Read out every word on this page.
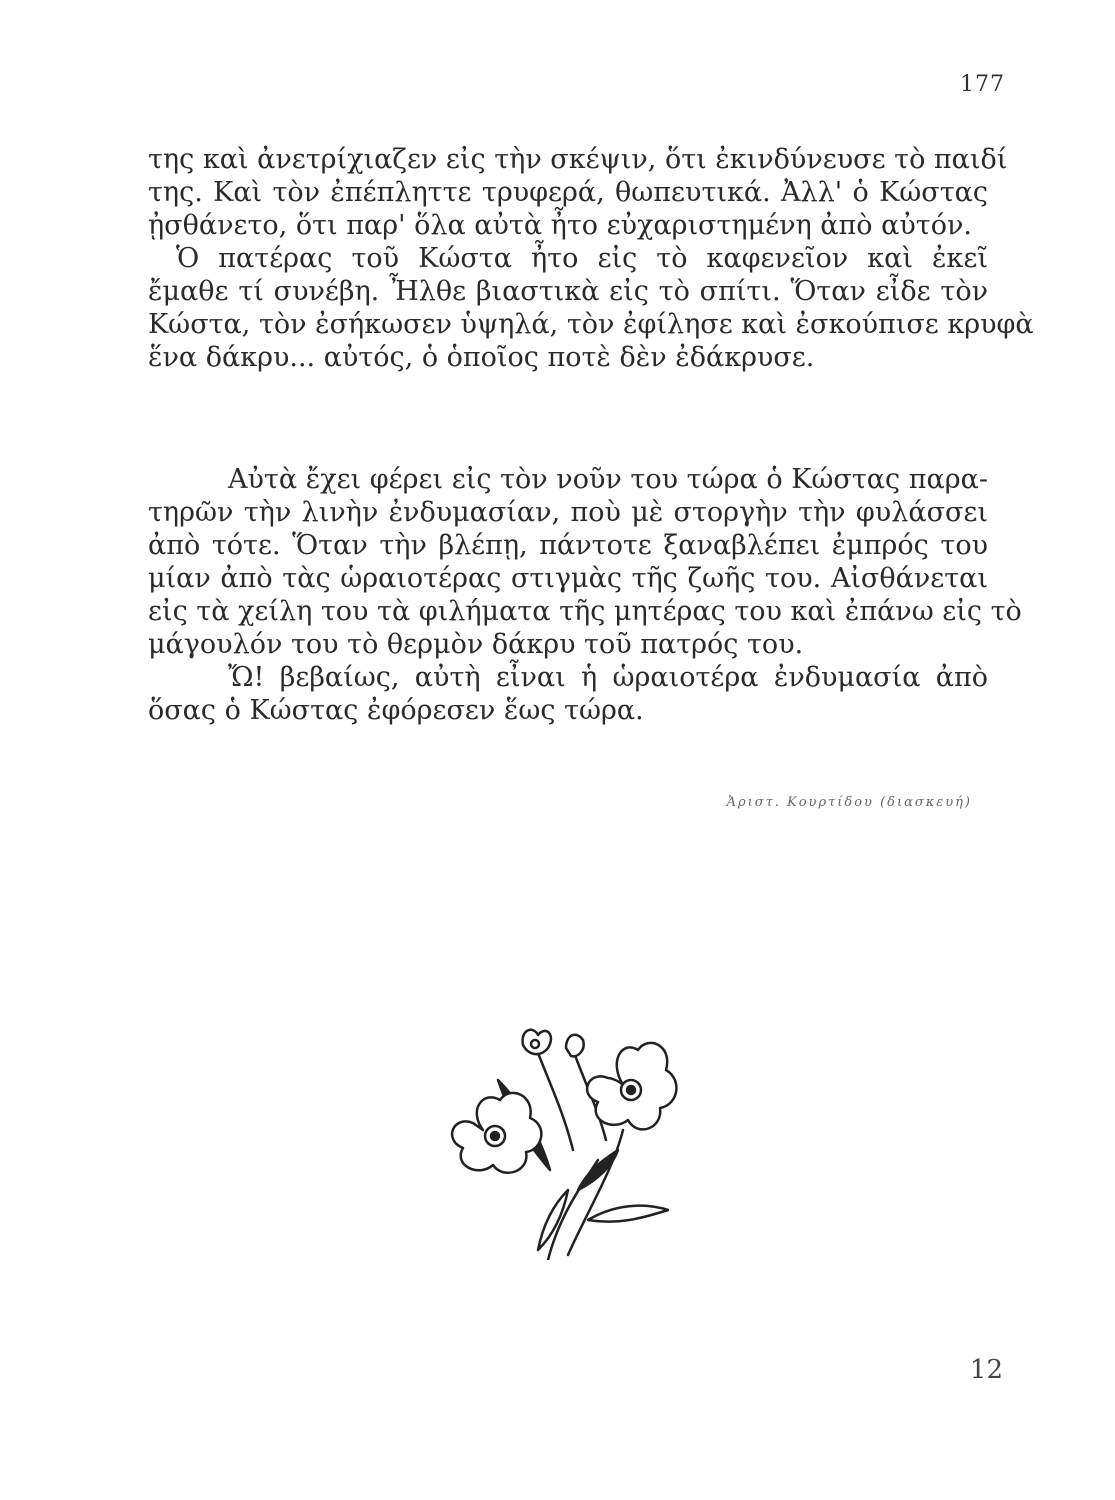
177
της καὶ ἀνετρίχιαζεν εἰς τὴν σκέψιν, ὅτι ἐκινδύνευσε τὸ παιδί
της. Καὶ τὸν ἐπέπληττε τρυφερά, θωπευτικά. Ἀλλ' ὁ Κώστας
ᾐσθάνετο, ὅτι παρ' ὅλα αὐτὰ ἦτο εὐχαριστημένη ἀπὸ αὐτόν.
Ὁ πατέρας τοῦ Κώστα ἦτο εἰς τὸ καφενεῖον καὶ ἐκεῖ
ἔμαθε τί συνέβη. Ἦλθε βιαστικὰ εἰς τὸ σπίτι. Ὅταν εἶδε τὸν
Κώστα, τὸν ἐσήκωσεν ὑψηλά, τὸν ἐφίλησε καὶ ἐσκούπισε κρυφὰ
ἕνα δάκρυ... αὐτός, ὁ ὁποῖος ποτὲ δὲν ἐδάκρυσε.
Αὐτὰ ἔχει φέρει εἰς τὸν νοῦν του τώρα ὁ Κώστας παρα-
τηρῶν τὴν λινὴν ἐνδυμασίαν, ποὺ μὲ στοργὴν τὴν φυλάσσει
ἀπὸ τότε. Ὅταν τὴν βλέπῃ, πάντοτε ξαναβλέπει ἐμπρός του
μίαν ἀπὸ τὰς ὡραιοτέρας στιγμὰς τῆς ζωῆς του. Αἰσθάνεται
εἰς τὰ χείλη του τὰ φιλήματα τῆς μητέρας του καὶ ἐπάνω εἰς τὸ
μάγουλόν του τὸ θερμὸν δάκρυ τοῦ πατρός του.
Ὤ! βεβαίως, αὐτὴ εἶναι ἡ ὡραιοτέρα ἐνδυμασία ἀπὸ
ὅσας ὁ Κώστας ἐφόρεσεν ἕως τώρα.
Ἀριστ. Κουρτίδου (διασκευή)
12
